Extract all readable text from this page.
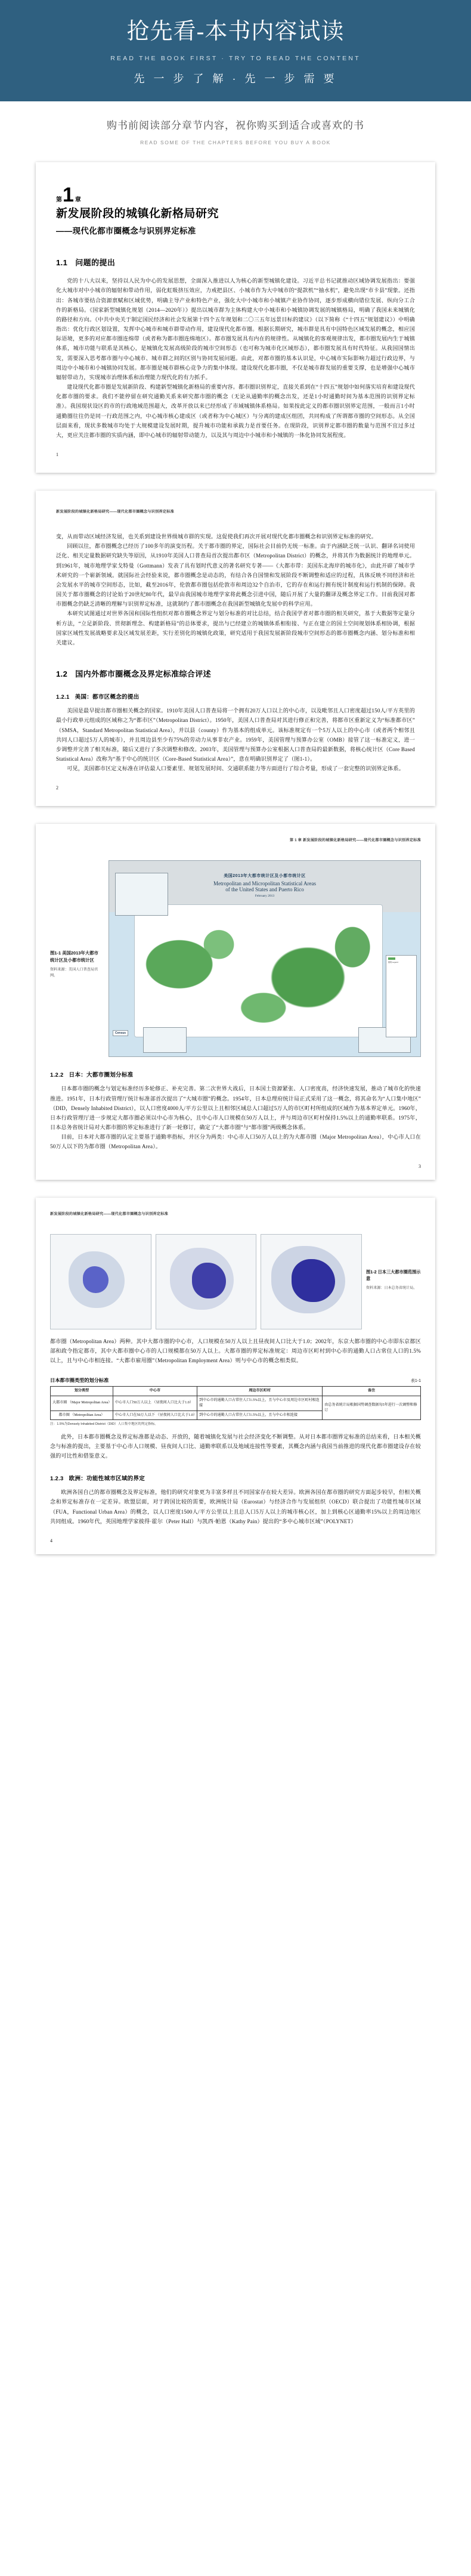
抢先看-本书内容试读
READ THE BOOK FIRST · TRY TO READ THE CONTENT
先 一 步 了 解 · 先 一 步 需 要
购书前阅读部分章节内容，祝你购买到适合或喜欢的书
READ SOME OF THE CHAPTERS BEFORE YOU BUY A BOOK
第 1 章
新发展阶段的城镇化新格局研究
——现代化都市圈概念与识别界定标准
1.1 问题的提出

党的十八大以来，坚持以人民为中心的发展思想，全面深入推进以人为核心的新型城镇化建设。习近平总书记就推动区域协调发展指出：要强化大城市对中小城市的辐射和带动作用，弱化虹吸挤压效应，力戒把县区、小城市作为大中城市的“提款机”“抽水机”，避免出现“市卡县”现象。还指出：各城市要结合资源禀赋和区域优势，明确主导产业和特色产业，强化大中小城市和小城镇产业协作协同，逐步形成横向错位发展、纵向分工合作的新格局。《国家新型城镇化规划（2014—2020年）》提出以城市群为主体构建大中小城市和小城镇协调发展的城镇格局，明确了我国未来城镇化的路径和方向。《中共中央关于制定国民经济和社会发展第十四个五年规划和二〇三五年远景目标的建议》（以下简称《“十四五”规划建议》）中明确指出：优化行政区划设置，发挥中心城市和城市群带动作用，建设现代化都市圈。根据长期研究，城市群是具有中国特色区域发展的概念，相应国际语境，更多的对应都市圈连绵带（或者称为都市圈连绵地区）。都市圈发展具有内在的规律性。从城镇化的客观规律出发，都市圈发展内生于城镇体系，城市功能与联系是其核心，是城镇化发展高级阶段的城市空间形态（也可称为城市化区域形态），都市圈发展具有时代特征。从我国国情出发，需要深入思考都市圈与中心城市、城市群之间的区别与协同发展问题。由此，对都市圈的基本认识是，中心城市实际影响力超过行政边界，与周边中小城市和小城镇协同发展。都市圈是城市群核心竞争力的集中体现。建设现代化都市圈，不仅是城市群发展的重要支撑，也是增强中心城市辐射带动力，实现城市治理体系和治理能力现代化的有力抓手。

建设现代化都市圈是发展新阶段、构建新型城镇化新格局的重要内容。都市圈识别界定，直接关系到在“十四五”规划中如何落实培育和建设现代化都市圈的要求。我们不能停留在研究通勤关系来研究都市圈的概念（无论从通勤率的概念出发，还是1小时通勤时间为基本范围的识别界定标准）。我国现状设区的市的行政地域范围超大，改革开放以来已经形成了市域城镇体系格局。如果按此定义的都市圈识别界定范围，一般而言1小时通勤圈往往仍是同一行政范围之内，中心城市核心建成区（或者称为中心城区）与分离的建成区组团，共同构成了所谓都市圈的空间形态。从全国层面来看，现状多数城市均处于大规模建设发展时期，提升城市功能和承载力是首要任务。在现阶段，识别界定都市圈的数量与范围不宜过多过大，更应关注都市圈的实质内涵，即中心城市的辐射带动能力，以及其与周边中小城市和小城镇的一体化协同发展程度。

1
新发展阶段的城镇化新格局研究——现代化都市圈概念与识别界定标准

变，从而带动区域经济发展，也关系到建设世界级城市群的实现。这促使我们再次开展对现代化都市圈概念和识别界定标准的研究。

回顾以往，都市圈概念已经历了100多年的演变历程。关于都市圈的界定，国际社会目前仍无统一标准。由于内涵缺乏统一认识、翻译名词使用泛化、相关定量数据研究缺失等原因，从1910年美国人口普查局首次提出都市区（Metropolitan District）的概念，并将其作为数据统计的地理单元。到1961年，城市地理学家戈特曼（Gottmann）发表了具有划时代意义的著名研究专著——《大都市带：美国东北海岸的城市化》，由此开辟了城市学术研究的一个崭新领域。就国际社会经验来说，都市圈概念是动态的，有结合各自国情和发展阶段不断调整和适应的过程，具体反映不同经济和社会发展水平的城市空间形态，比如，截至2016年，伦敦都市圈包括伦敦市和周边32个自治市，它的存在和运行拥有统计制度和运行机制的保障。我国关于都市圈概念的讨论始于20世纪80年代，最早由我国城市地理学家将此概念引进中国，随后开展了大量的翻译及概念界定工作。目前我国对都市圈概念仍缺乏清晰的理解与识别界定标准，这就制约了都市圈概念在我国新型城镇化发展中的科学应用。

本研究试图通过对世界各国和国际性组织对都市圈概念界定与划分标准的对比总结，结合我国学者对都市圈的相关研究，基于大数据等定量分析方法，“立足新阶段、贯彻新理念、构建新格局”的总体要求，提出与已经建立的城镇体系相衔接、与正在建立的国土空间规划体系相协调，根据国家区域性发展战略要求及区域发展差距，实行差别化的城镇化政策，研究适用于我国发展新阶段城市空间形态的都市圈概念内涵、划分标准和相关建议。

1.2 国内外都市圈概念及界定标准综合评述
1.2.1 美国：都市区概念的提出

美国是最早提出都市圈相关概念的国家。1910年美国人口普查局将一个拥有20万人口以上的中心市，以及毗邻且人口密度超过150人/平方英里的最小行政单元组成的区域称之为“都市区”（Metropolitan District）。1950年，美国人口普查局对其进行修正和完善，将都市区重新定义为“标准都市区”（SMSA，Standard Metropolitan Statistical Area），并以县（county）作为基本的组成单元。该标准规定有一个5万人以上的中心市（或者两个相邻且共同人口超过5万人的城市），并且周边县至少有75%的劳动力从事非农产业。1959年，美国管理与预算办公室（OMB）接管了这一标准定义，进一步调整并完善了相关标准，随后又进行了多次调整和修改。2003年，美国管理与预算办公室根据人口普查局的最新数据，将核心统计区（Core Based Statistical Area）改称为“基于中心的统计区（Core-Based Statistical Area）”，意在明确识别界定了（图1-1）。

可见，美国都市区定义标准在评估最人口要素里、规划发展时间、交通联系能力等方面进行了综合考量，形成了一套完整的识别界定体系。

2
第 1 章 新发展阶段的城镇化新格局研究——现代化都市圈概念与识别界定标准
图1-1 美国2013年大都市统计区及小都市统计区
资料来源：美国人口普查局官网。
美国2013年大都市统计区及小都市统计区
Metropolitan and Micropolitan Statistical Areas
of the United States and Puerto Rico
February 2013
图例 Legend
Census
1.2.2 日本：大都市圈划分标准

日本都市圈的概念与划定标准经历多轮修正、补充完善。第二次世界大战后，日本国土资源紧张、人口密度高，经济快速发展，推动了城市化的快速推进。1951年，日本行政管理厅统计标准部首次提出了“大城市圈”的概念。1954年，日本总理府统计局正式采用了这一概念，将其命名为“人口集中地区”（DID，Densely Inhabited District），以人口密度4000人/平方公里以上且相邻区域总人口超过5万人的市区町村所组成的区域作为基本界定单元。1960年，日本行政管理厅进一步规定大都市圈必须以中心市为核心，且中心市人口规模在50万人以上，并与周边市区町村保持1.5%以上的通勤率联系。1975年，日本总务省统计局对大都市圈的界定标准进行了新一轮修订，确定了“大都市圈”与“都市圈”两级概念体系。

目前，日本对大都市圈的认定主要基于通勤率指标，并区分为两类：中心市人口50万人以上的为大都市圈（Major Metropolitan Area），中心市人口在50万人以下的为都市圈（Metropolitan Area）。

3
新发展阶段的城镇化新格局研究——现代化都市圈概念与识别界定标准
图1-2 日本三大都市圈范围示意
资料来源：日本总务省统计局。

都市圈（Metropolitan Area）两种。其中大都市圈的中心市，人口规模在50万人以上且昼夜间人口比大于1.0；2002年，东京大都市圈的中心市即东京都区部和政令指定都市，其中大都市圈中心市的人口规模都在50万人以上。大都市圈的界定标准规定：周边市区町村到中心市的通勤人口占常住人口的1.5%以上，且与中心市相连接。“大都市雇用圈”（Metropolitan Employment Area）则与中心市的概念相类似。

日本都市圈类型的划分标准	表1-1
划分类型	中心市	周边市区町村	备注
大都市圈 （Major Metropolitan Area）	中心市人口50万人以上 （昼夜间人口比大于1.0）	到中心市的通勤人口占常住人口1.5%以上，且与中心市及周边市区町村相连接	由总务省统计局根据国势调查数据每5年进行一次调整和修订
都市圈 （Metropolitan Area）	中心市人口在50万人以下 （昼夜间人口比大于1.0）	到中心市的通勤人口占常住人口1.5%以上，且与中心市相连接	
注：1.5%为Densely Inhabited District（DID）人口集中地区的判定指标。

此外，日本都市圈概念及界定标准都是动态、开放的，随着城镇化发展与社会经济变化不断调整。从对日本都市圈界定标准的总结来看，日本相关概念与标准的提出，主要基于中心市人口规模、昼夜间人口比、通勤率联系以及地域连接性等要素，其概念内涵与我国当前推进的现代化都市圈建设存在较强的可比性和借鉴意义。

1.2.3 欧洲：功能性城市区域的界定

欧洲各国自己的都市圈概念及界定标准，他们的研究对象更为丰富多样且不同国家存在较大差异。欧洲各国在都市圈的研究方面起步较早，但相关概念和界定标准存在一定差异。欧盟层面，对于跨国比较的需要，欧洲统计局（Eurostat）与经济合作与发展组织（OECD）联合提出了功能性城市区域（FUA，Functional Urban Area）的概念，以人口密度1500人/平方公里以上且总人口5万人以上的城市核心区，加上到核心区通勤率15%以上的周边地区共同组成。1960年代，英国地理学家彼得·霍尔（Peter Hall）与凯西·帕恩（Kathy Pain）提出的“多中心城市区域”（POLYNET）

4
